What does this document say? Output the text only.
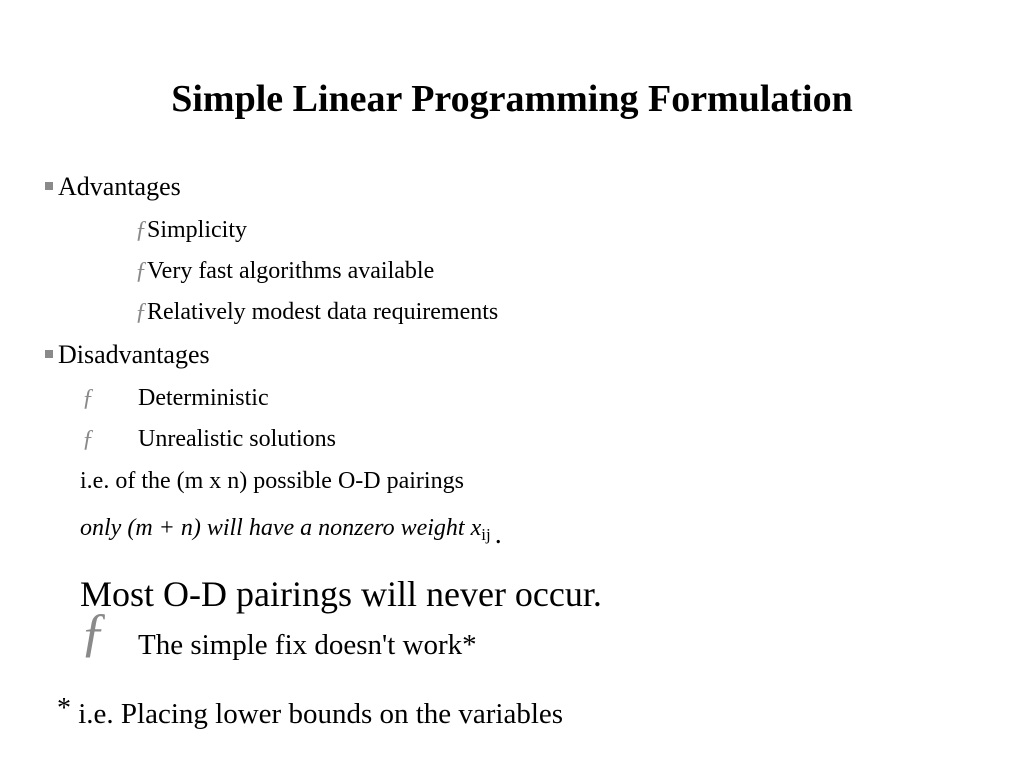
Simple Linear Programming Formulation
Advantages
ƒSimplicity
ƒVery fast algorithms available
ƒRelatively modest data requirements
Disadvantages
ƒ Deterministic
ƒ Unrealistic solutions
i.e. of the (m x n) possible O-D pairings
only (m + n) will have a nonzero weight $x_{ij}$ .
Most O-D pairings will never occur.
ƒ The simple fix doesn't work*
* i.e. Placing lower bounds on the variables
